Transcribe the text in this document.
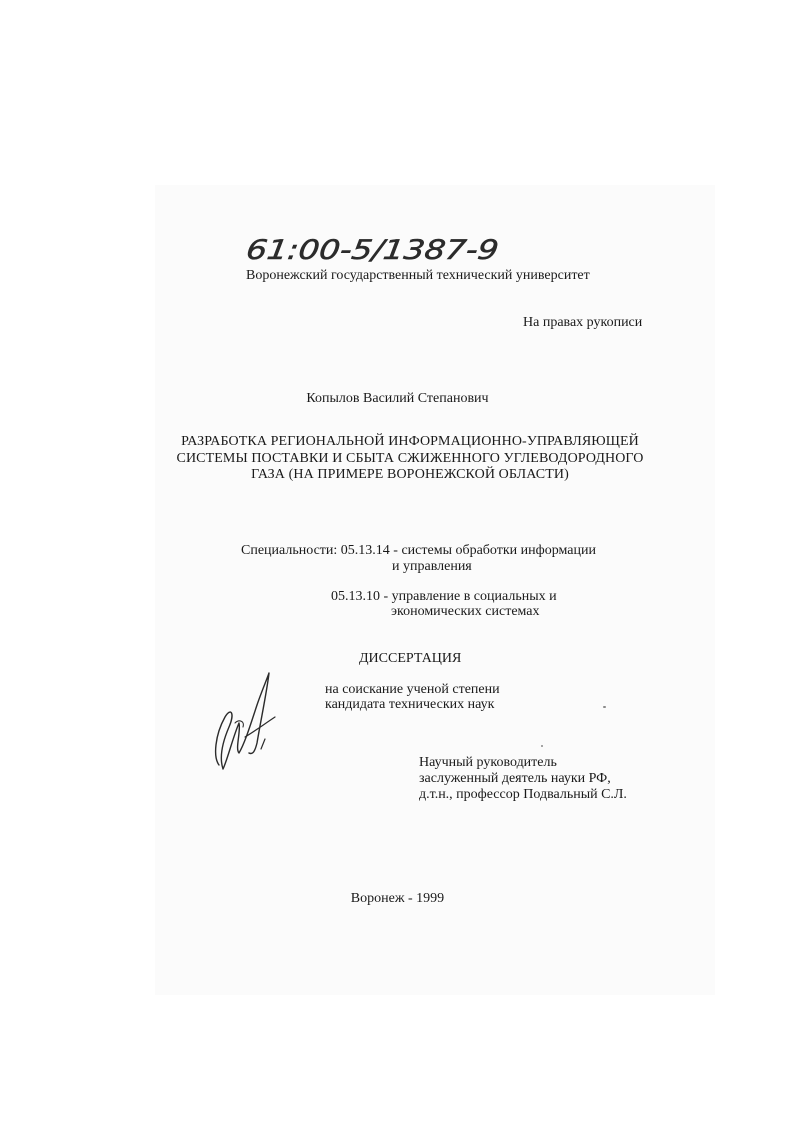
61:00-5/1387-9

Воронежский государственный технический университет

На правах рукописи

Копылов Василий Степанович

РАЗРАБОТКА РЕГИОНАЛЬНОЙ ИНФОРМАЦИОННО-УПРАВЛЯЮЩЕЙ
СИСТЕМЫ ПОСТАВКИ И СБЫТА СЖИЖЕННОГО УГЛЕВОДОРОДНОГО
ГАЗА (НА ПРИМЕРЕ ВОРОНЕЖСКОЙ ОБЛАСТИ)

Специальности: 05.13.14 - системы обработки информации

и управления

05.13.10 - управление в социальных и

экономических системах

ДИССЕРТАЦИЯ

на соискание ученой степени

кандидата технических наук

Научный руководитель

заслуженный деятель науки РФ,

д.т.н., профессор Подвальный С.Л.

Воронеж - 1999
